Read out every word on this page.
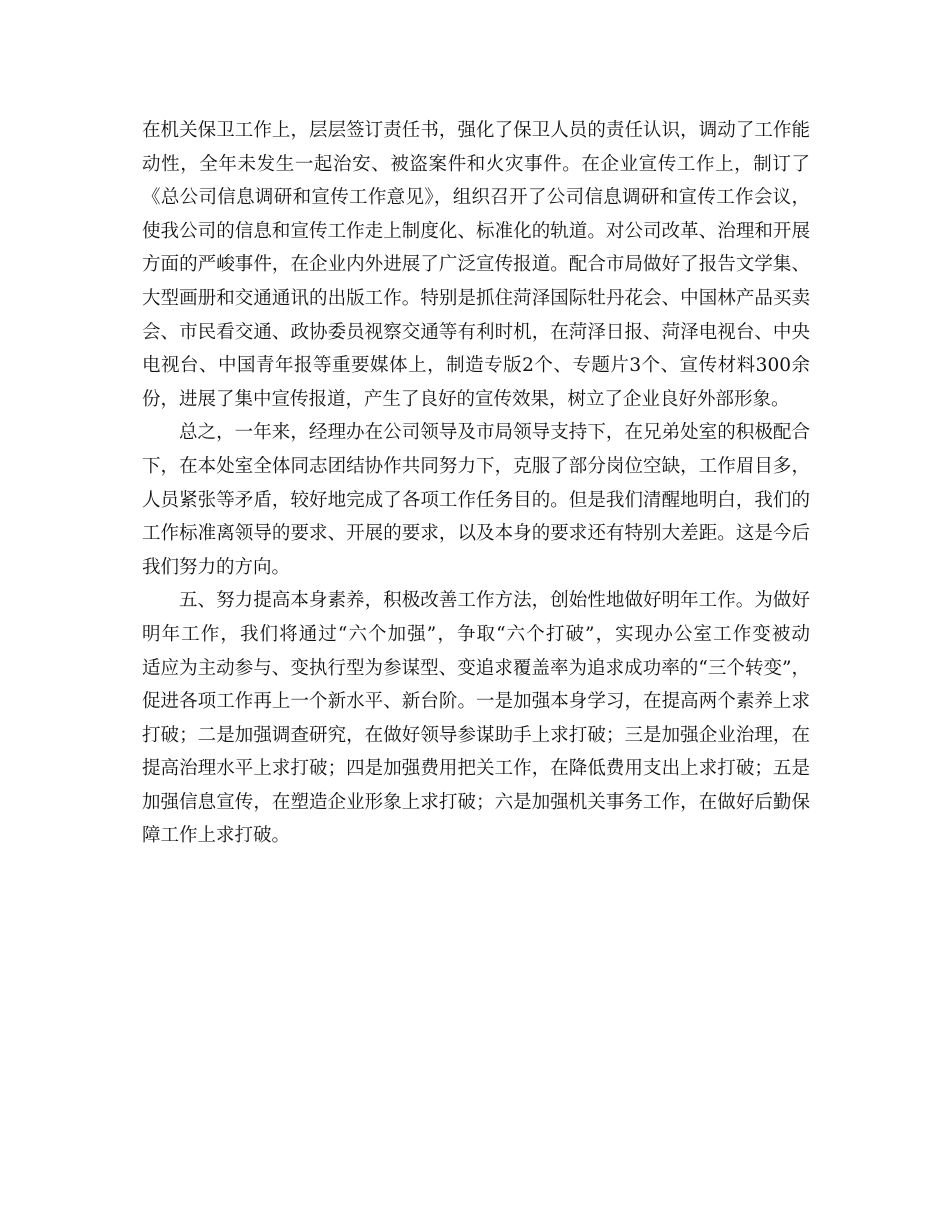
在机关保卫工作上，层层签订责任书，强化了保卫人员的责任认识，调动了工作能
动性，全年未发生一起治安、被盗案件和火灾事件。在企业宣传工作上，制订了
《总公司信息调研和宣传工作意见》，组织召开了公司信息调研和宣传工作会议，
使我公司的信息和宣传工作走上制度化、标准化的轨道。对公司改革、治理和开展
方面的严峻事件，在企业内外进展了广泛宣传报道。配合市局做好了报告文学集、
大型画册和交通通讯的出版工作。特别是抓住菏泽国际牡丹花会、中国林产品买卖
会、市民看交通、政协委员视察交通等有利时机，在菏泽日报、菏泽电视台、中央
电视台、中国青年报等重要媒体上，制造专版2个、专题片3个、宣传材料300余
份，进展了集中宣传报道，产生了良好的宣传效果，树立了企业良好外部形象。
总之，一年来，经理办在公司领导及市局领导支持下，在兄弟处室的积极配合
下，在本处室全体同志团结协作共同努力下，克服了部分岗位空缺，工作眉目多，
人员紧张等矛盾，较好地完成了各项工作任务目的。但是我们清醒地明白，我们的
工作标准离领导的要求、开展的要求，以及本身的要求还有特别大差距。这是今后
我们努力的方向。
五、努力提高本身素养，积极改善工作方法，创始性地做好明年工作。为做好
明年工作，我们将通过“六个加强”，争取“六个打破”，实现办公室工作变被动
适应为主动参与、变执行型为参谋型、变追求覆盖率为追求成功率的“三个转变”，
促进各项工作再上一个新水平、新台阶。一是加强本身学习，在提高两个素养上求
打破；二是加强调查研究，在做好领导参谋助手上求打破；三是加强企业治理，在
提高治理水平上求打破；四是加强费用把关工作，在降低费用支出上求打破；五是
加强信息宣传，在塑造企业形象上求打破；六是加强机关事务工作，在做好后勤保
障工作上求打破。
